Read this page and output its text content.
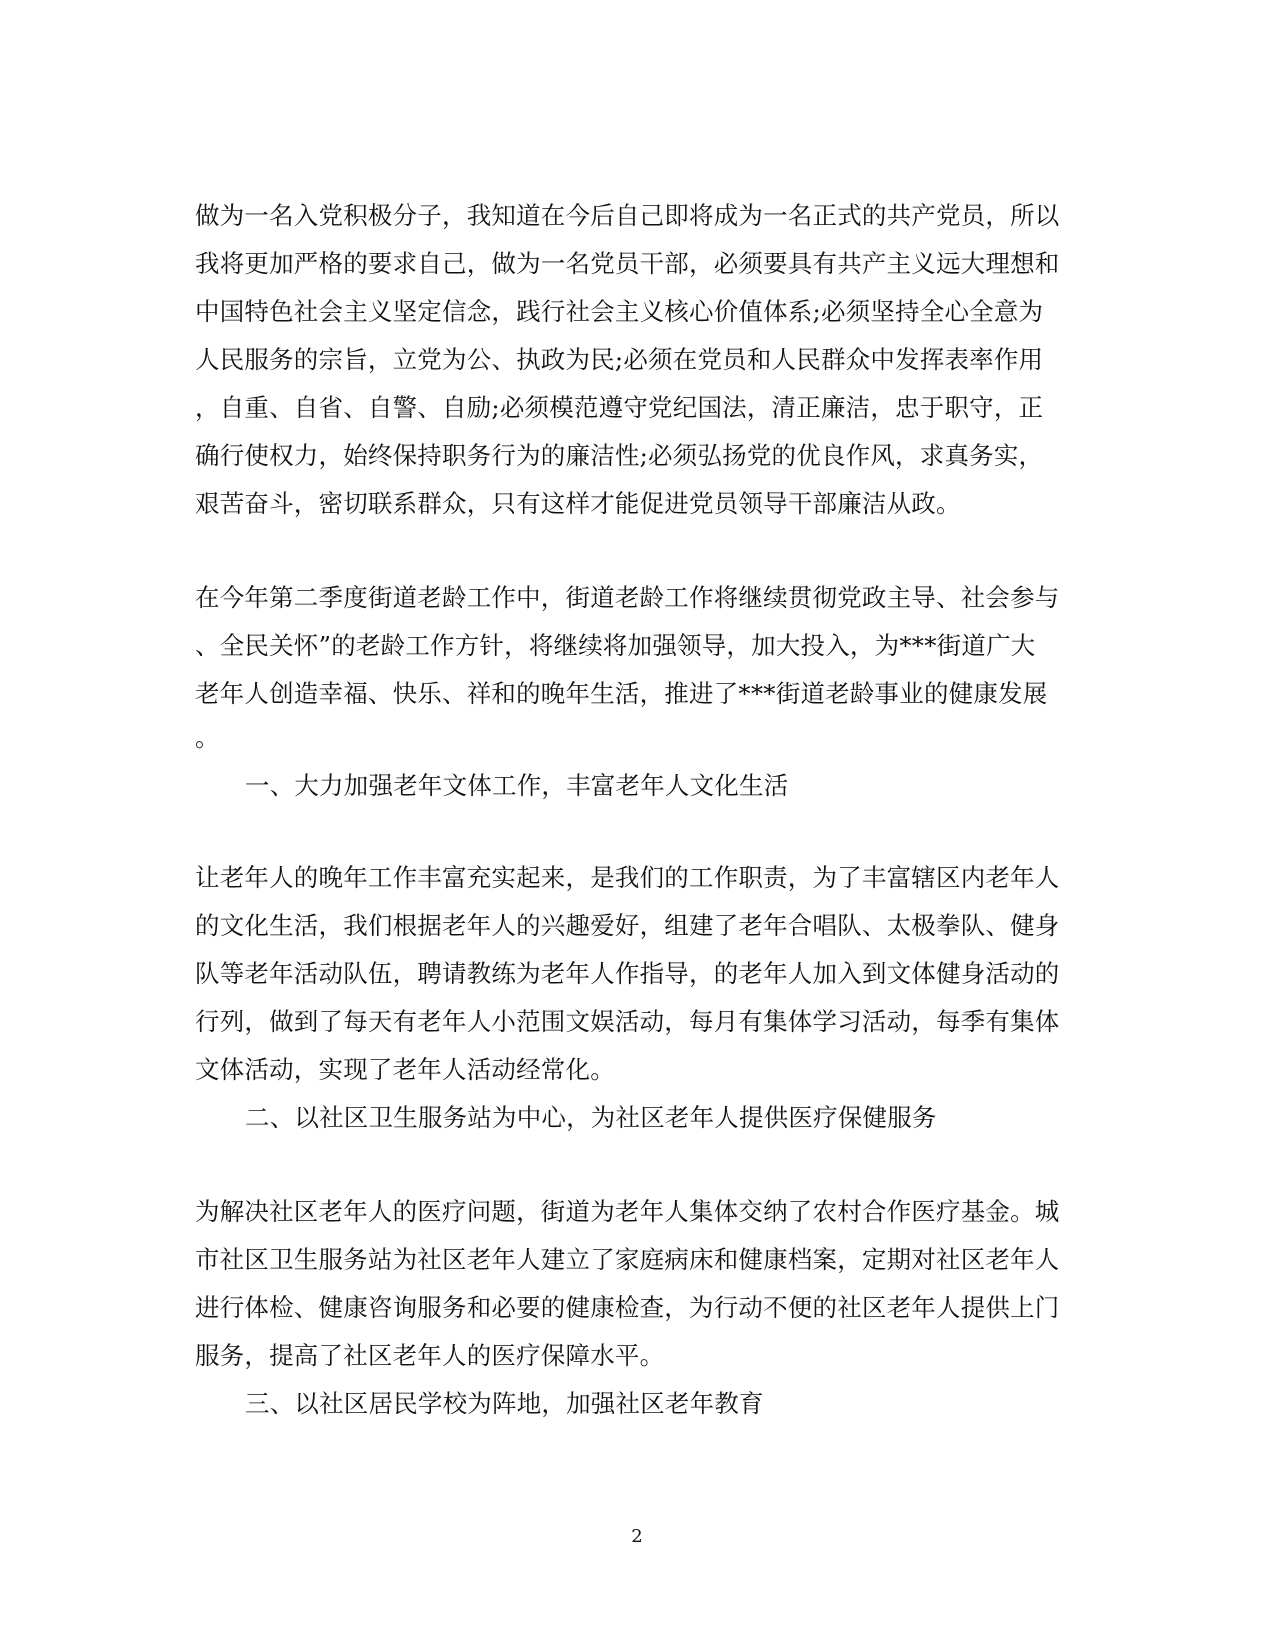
做为一名入党积极分子，我知道在今后自己即将成为一名正式的共产党员，所以
我将更加严格的要求自己，做为一名党员干部，必须要具有共产主义远大理想和
中国特色社会主义坚定信念，践行社会主义核心价值体系;必须坚持全心全意为
人民服务的宗旨，立党为公、执政为民;必须在党员和人民群众中发挥表率作用
，自重、自省、自警、自励;必须模范遵守党纪国法，清正廉洁，忠于职守，正
确行使权力，始终保持职务行为的廉洁性;必须弘扬党的优良作风，求真务实，
艰苦奋斗，密切联系群众，只有这样才能促进党员领导干部廉洁从政。
在今年第二季度街道老龄工作中，街道老龄工作将继续贯彻党政主导、社会参与
、全民关怀”的老龄工作方针，将继续将加强领导，加大投入，为***街道广大
老年人创造幸福、快乐、祥和的晚年生活，推进了***街道老龄事业的健康发展
。
一、大力加强老年文体工作，丰富老年人文化生活
让老年人的晚年工作丰富充实起来，是我们的工作职责，为了丰富辖区内老年人
的文化生活，我们根据老年人的兴趣爱好，组建了老年合唱队、太极拳队、健身
队等老年活动队伍，聘请教练为老年人作指导，的老年人加入到文体健身活动的
行列，做到了每天有老年人小范围文娱活动，每月有集体学习活动，每季有集体
文体活动，实现了老年人活动经常化。
二、以社区卫生服务站为中心，为社区老年人提供医疗保健服务
为解决社区老年人的医疗问题，街道为老年人集体交纳了农村合作医疗基金。城
市社区卫生服务站为社区老年人建立了家庭病床和健康档案，定期对社区老年人
进行体检、健康咨询服务和必要的健康检查，为行动不便的社区老年人提供上门
服务，提高了社区老年人的医疗保障水平。
三、以社区居民学校为阵地，加强社区老年教育
2
